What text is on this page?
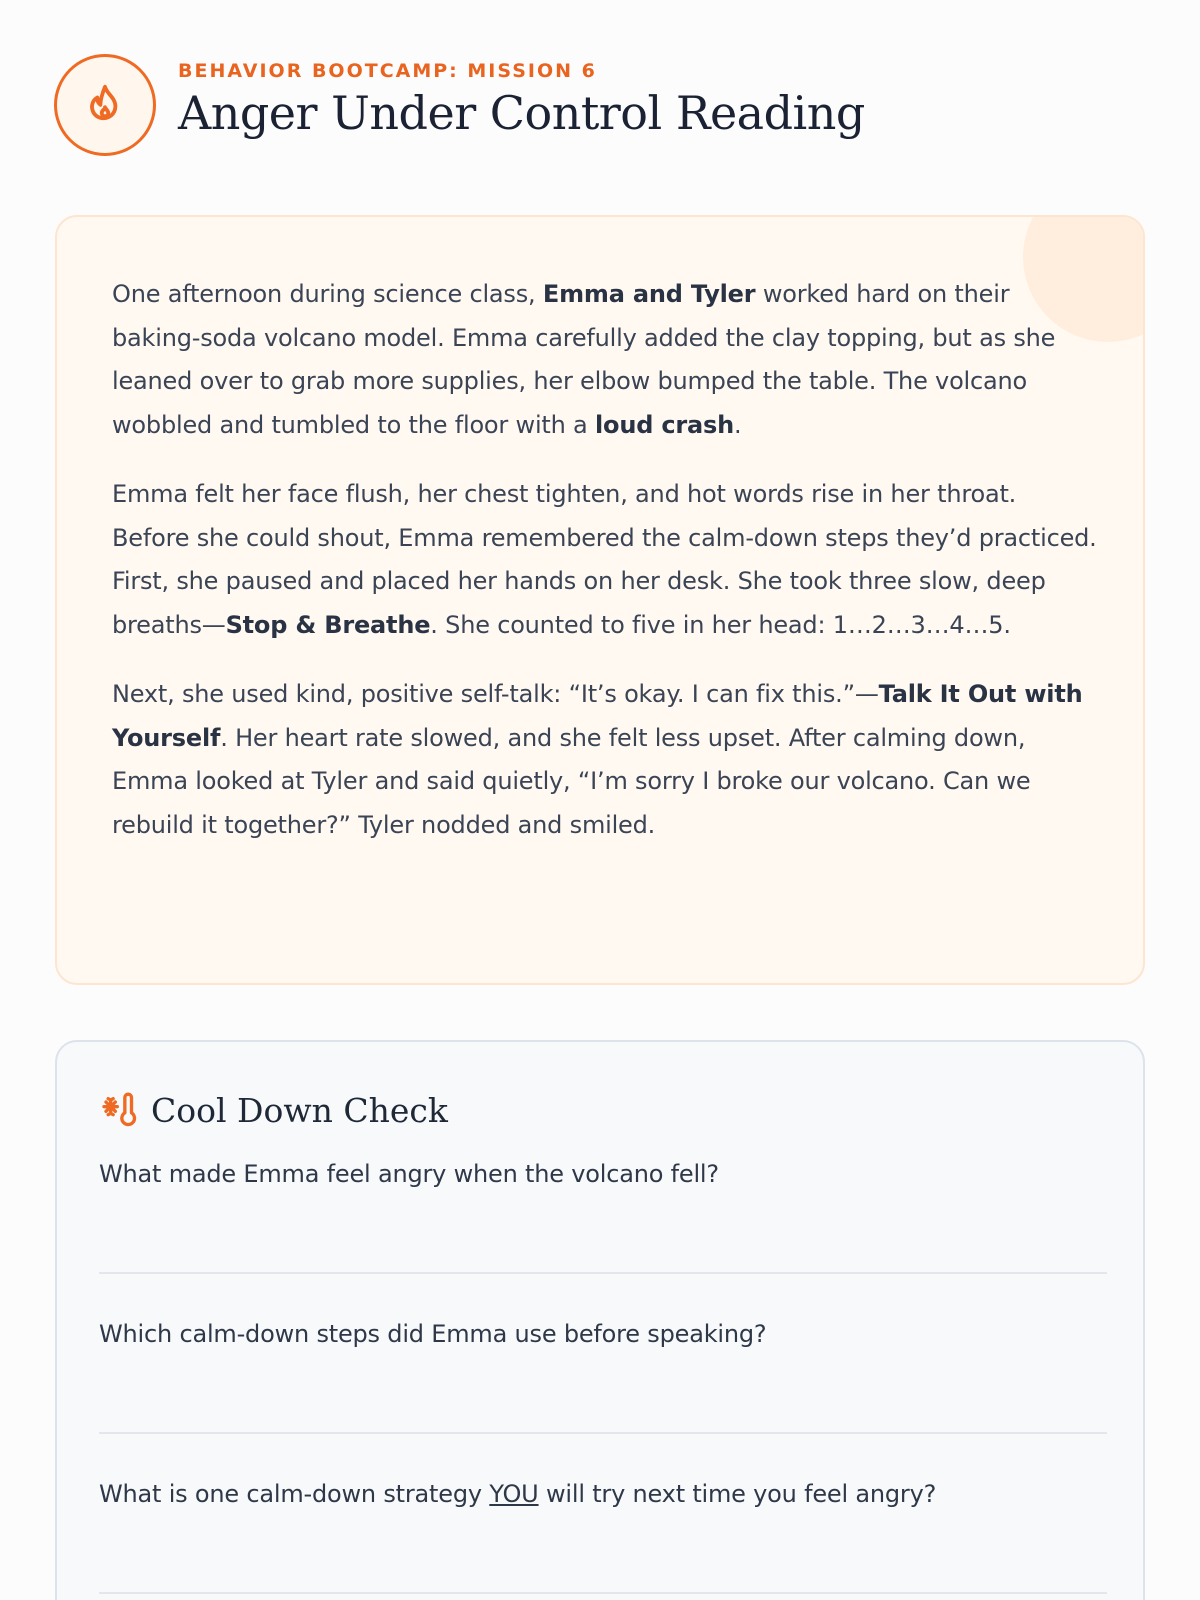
BEHAVIOR BOOTCAMP: MISSION 6
Anger Under Control Reading

One afternoon during science class, Emma and Tyler worked hard on their baking-soda volcano model. Emma carefully added the clay topping, but as she leaned over to grab more supplies, her elbow bumped the table. The volcano wobbled and tumbled to the floor with a loud crash.

Emma felt her face flush, her chest tighten, and hot words rise in her throat. Before she could shout, Emma remembered the calm-down steps they’d practiced. First, she paused and placed her hands on her desk. She took three slow, deep breaths—Stop & Breathe. She counted to five in her head: 1…2…3…4…5.

Next, she used kind, positive self-talk: “It’s okay. I can fix this.”—Talk It Out with Yourself. Her heart rate slowed, and she felt less upset. After calming down, Emma looked at Tyler and said quietly, “I’m sorry I broke our volcano. Can we rebuild it together?” Tyler nodded and smiled.

Cool Down Check
What made Emma feel angry when the volcano fell?
Which calm-down steps did Emma use before speaking?
What is one calm-down strategy YOU will try next time you feel angry?
